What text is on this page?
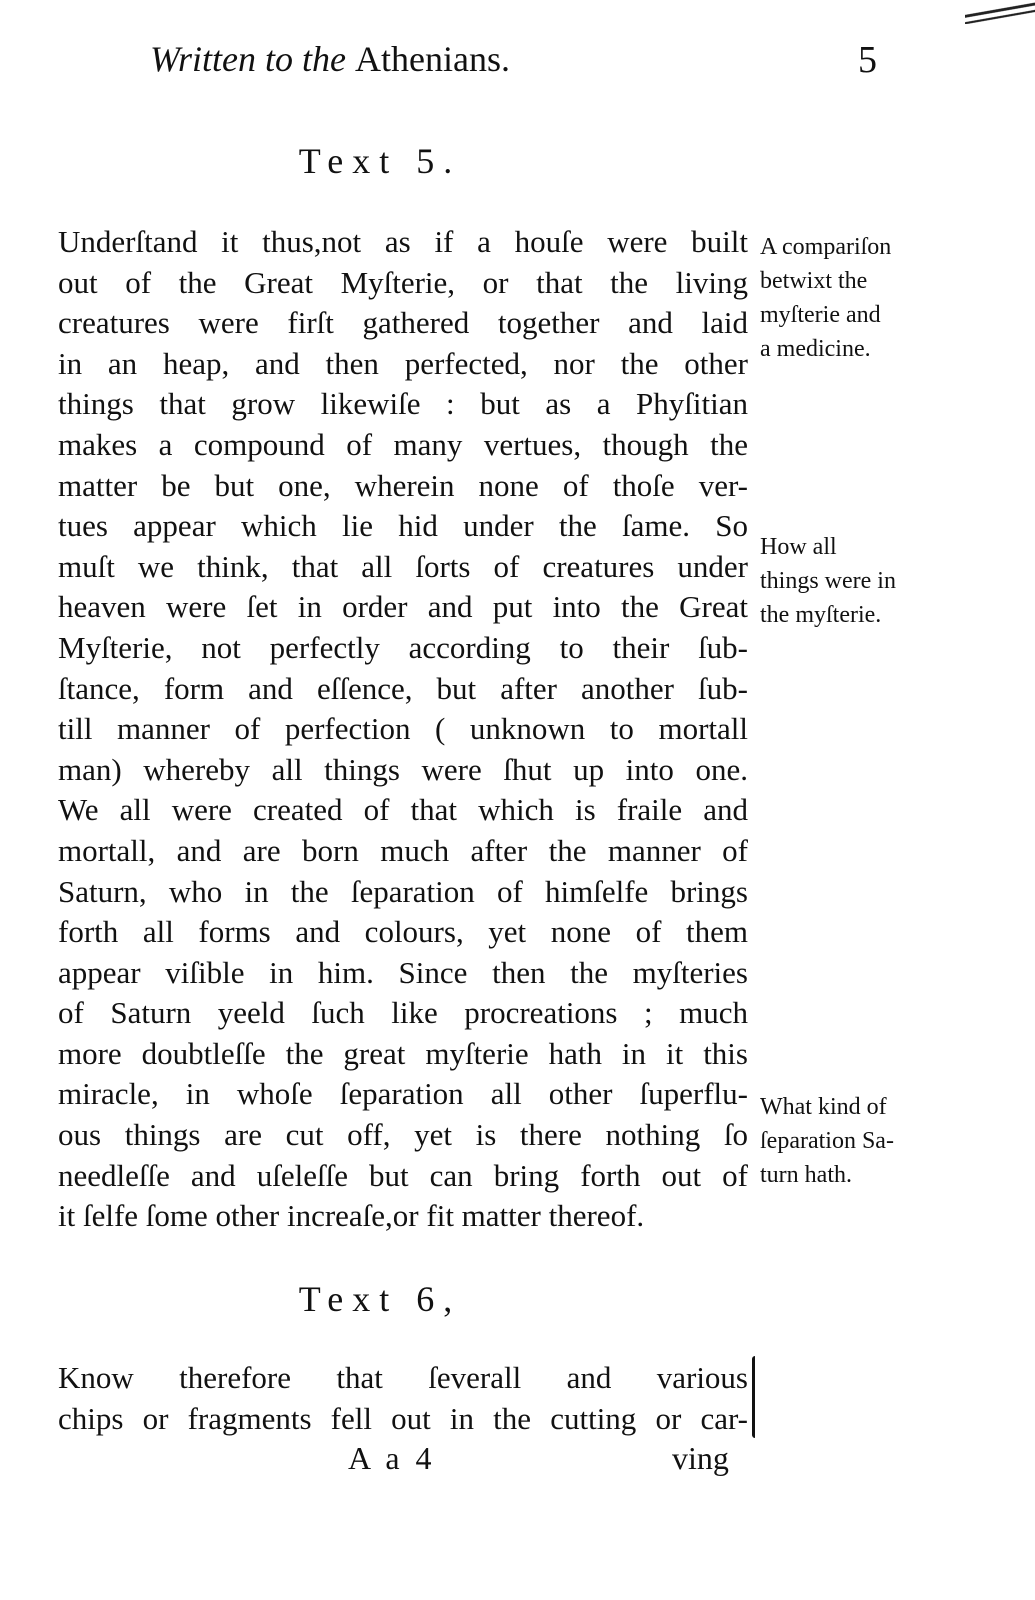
Written to the Athenians.	5
Text 5.
Underſtand it thus,not as if a houſe were built
out of the Great Myſterie, or that the living
creatures were firſt gathered together and laid
in an heap, and then perfected, nor the other
things that grow likewiſe : but as a Phyſitian
makes a compound of many vertues, though the
matter be but one, wherein none of thoſe ver-
tues appear which lie hid under the ſame. So
muſt we think, that all ſorts of creatures under
heaven were ſet in order and put into the Great
Myſterie, not perfectly according to their ſub-
ſtance, form and eſſence, but after another ſub-
till manner of perfection ( unknown to mortall
man) whereby all things were ſhut up into one.
We all were created of that which is fraile and
mortall, and are born much after the manner of
Saturn, who in the ſeparation of himſelfe brings
forth all forms and colours, yet none of them
appear viſible in him. Since then the myſteries
of Saturn yeeld ſuch like procreations ; much
more doubtleſſe the great myſterie hath in it this
miracle, in whoſe ſeparation all other ſuperflu-
ous things are cut off, yet is there nothing ſo
needleſſe and uſeleſſe but can bring forth out of
it ſelfe ſome other increaſe,or fit matter thereof.
A compariſon
betwixt the
myſterie and
a medicine.
How all
things were in
the myſterie.
What kind of
ſeparation Sa-
turn hath.
Text 6,
Know therefore that ſeverall and various
chips or fragments fell out in the cutting or car-
A a 4	ving
